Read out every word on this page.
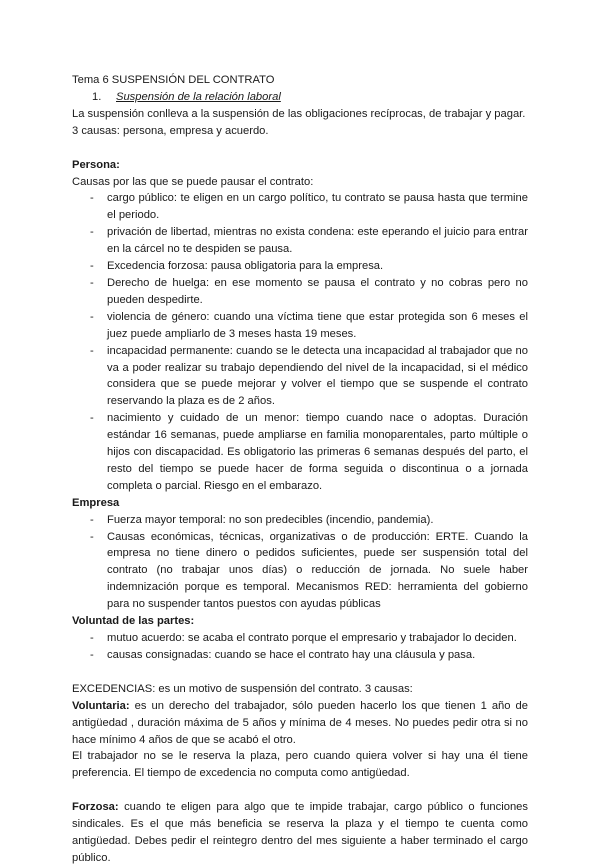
Tema 6 SUSPENSIÓN DEL CONTRATO

1. Suspensión de la relación laboral

La suspensión conlleva a la suspensión de las obligaciones recíprocas, de trabajar y pagar.

3 causas: persona, empresa y acuerdo.

Persona:

Causas por las que se puede pausar el contrato:

- cargo público: te eligen en un cargo político, tu contrato se pausa hasta que termine el periodo.
- privación de libertad, mientras no exista condena: este eperando el juicio para entrar en la cárcel no te despiden se pausa.
- Excedencia forzosa: pausa obligatoria para la empresa.
- Derecho de huelga: en ese momento se pausa el contrato y no cobras pero no pueden despedirte.
- violencia de género: cuando una víctima tiene que estar protegida son 6 meses el juez puede ampliarlo de 3 meses hasta 19 meses.
- incapacidad permanente: cuando se le detecta una incapacidad al trabajador que no va a poder realizar su trabajo dependiendo del nivel de la incapacidad, si el médico considera que se puede mejorar y volver el tiempo que se suspende el contrato reservando la plaza es de 2 años.
- nacimiento y cuidado de un menor: tiempo cuando nace o adoptas. Duración estándar 16 semanas, puede ampliarse en familia monoparentales, parto múltiple o hijos con discapacidad. Es obligatorio las primeras 6 semanas después del parto, el resto del tiempo se puede hacer de forma seguida o discontinua o a jornada completa o parcial. Riesgo en el embarazo.

Empresa

- Fuerza mayor temporal: no son predecibles (incendio, pandemia).
- Causas económicas, técnicas, organizativas o de producción: ERTE. Cuando la empresa no tiene dinero o pedidos suficientes, puede ser suspensión total del contrato (no trabajar unos días) o reducción de jornada. No suele haber indemnización porque es temporal. Mecanismos RED: herramienta del gobierno para no suspender tantos puestos con ayudas públicas

Voluntad de las partes:

- mutuo acuerdo: se acaba el contrato porque el empresario y trabajador lo deciden.
- causas consignadas: cuando se hace el contrato hay una cláusula y pasa.

EXCEDENCIAS: es un motivo de suspensión del contrato. 3 causas:

Voluntaria: es un derecho del trabajador, sólo pueden hacerlo los que tienen 1 año de antigüedad , duración máxima de 5 años y mínima de 4 meses. No puedes pedir otra si no hace mínimo 4 años de que se acabó el otro.

El trabajador no se le reserva la plaza, pero cuando quiera volver si hay una él tiene preferencia. El tiempo de excedencia no computa como antigüedad.

Forzosa: cuando te eligen para algo que te impide trabajar, cargo público o funciones sindicales. Es el que más beneficia se reserva la plaza y el tiempo te cuenta como antigüedad. Debes pedir el reintegro dentro del mes siguiente a haber terminado el cargo público.
